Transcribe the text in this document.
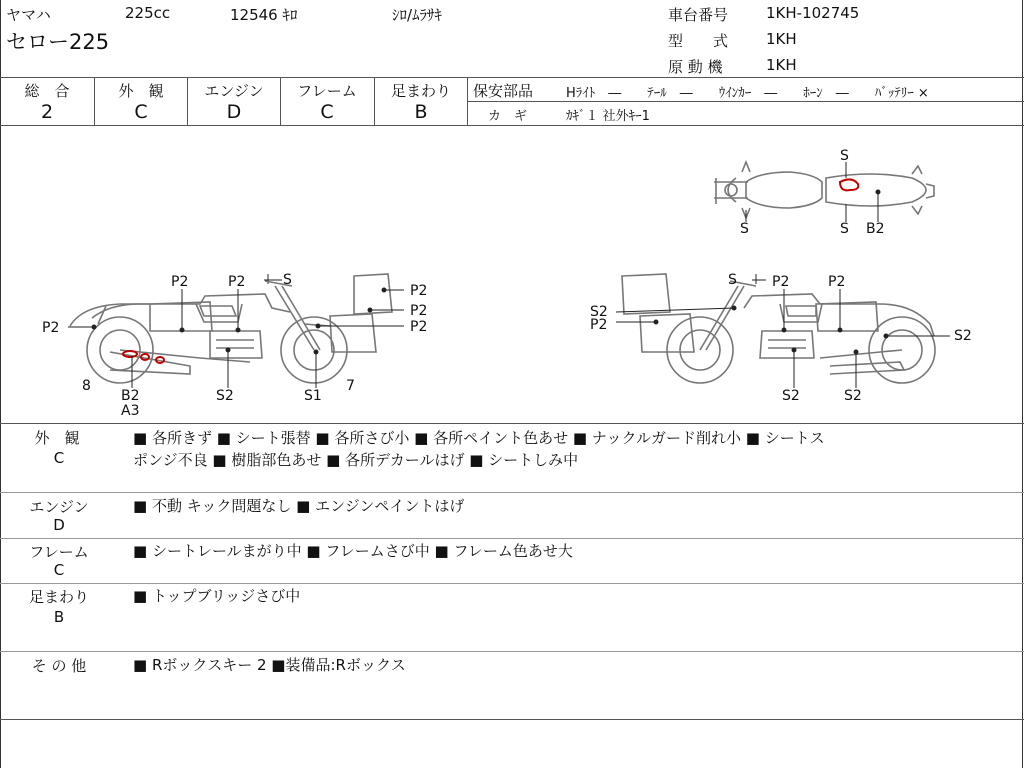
ヤマハ	225cc	12546 ｷﾛ	ｼﾛ/ﾑﾗｻｷ
セロー225
車台番号	1KH-102745
型　　式	1KH
原 動 機	1KH
総　合
2
外　観
C
エンジン
D
フレーム
C
足まわり
B
保安部品	Hﾗｲﾄ　―　　ﾃｰﾙ　―　　ｳｲﾝｶｰ　―　　ﾎｰﾝ　―　　ﾊﾞｯﾃﾘｰ ×
カ　ギ	ｶｷﾞ１ 社外ｷｰ1
P2
P2	S
P2
P2
P2
P2
8
B2
A3
S2	S1
7
S
S
S B2
S	P2	P2
S2
P2
S2
S2	S2
外　観
C
■ 各所きず ■ シート張替 ■ 各所さび小 ■ 各所ペイント色あせ ■ ナックルガード削れ小 ■ シートス
ポンジ不良 ■ 樹脂部色あせ ■ 各所デカールはげ ■ シートしみ中
エンジン
D
■ 不動 キック問題なし ■ エンジンペイントはげ
フレーム
C
■ シートレールまがり中 ■ フレームさび中 ■ フレーム色あせ大
足まわり
B
■ トップブリッジさび中
そ の 他	■ Rボックスキー 2 ■装備品:Rボックス
